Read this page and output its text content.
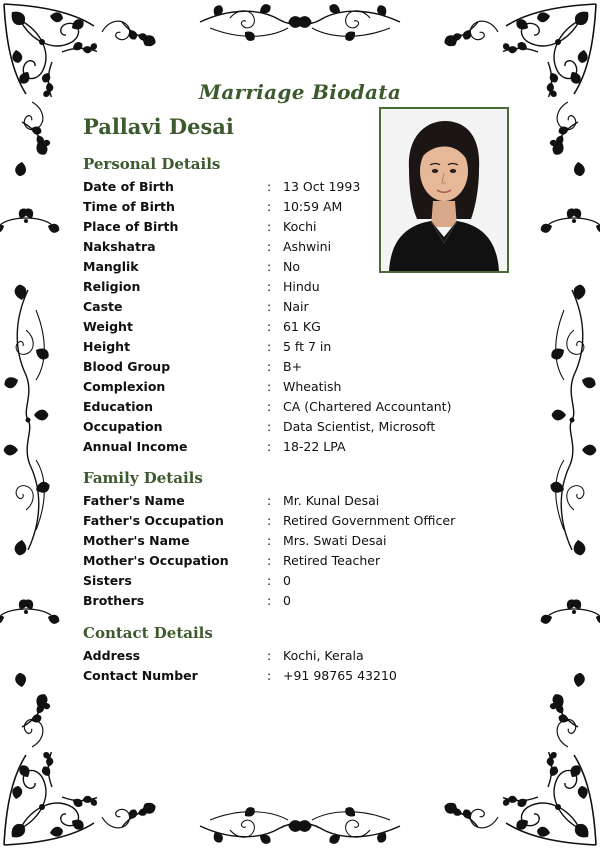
Marriage Biodata
Pallavi Desai
Personal Details
Date of Birth	: 13 Oct 1993
Time of Birth	: 10:59 AM
Place of Birth	: Kochi
Nakshatra	: Ashwini
Manglik	: No
Religion	: Hindu
Caste	: Nair
Weight	: 61 KG
Height	: 5 ft 7 in
Blood Group	: B+
Complexion	: Wheatish
Education	: CA (Chartered Accountant)
Occupation	: Data Scientist, Microsoft
Annual Income	: 18-22 LPA
Family Details
Father's Name	: Mr. Kunal Desai
Father's Occupation	: Retired Government Officer
Mother's Name	: Mrs. Swati Desai
Mother's Occupation	: Retired Teacher
Sisters	: 0
Brothers	: 0
Contact Details
Address	: Kochi, Kerala
Contact Number	: +91 98765 43210
